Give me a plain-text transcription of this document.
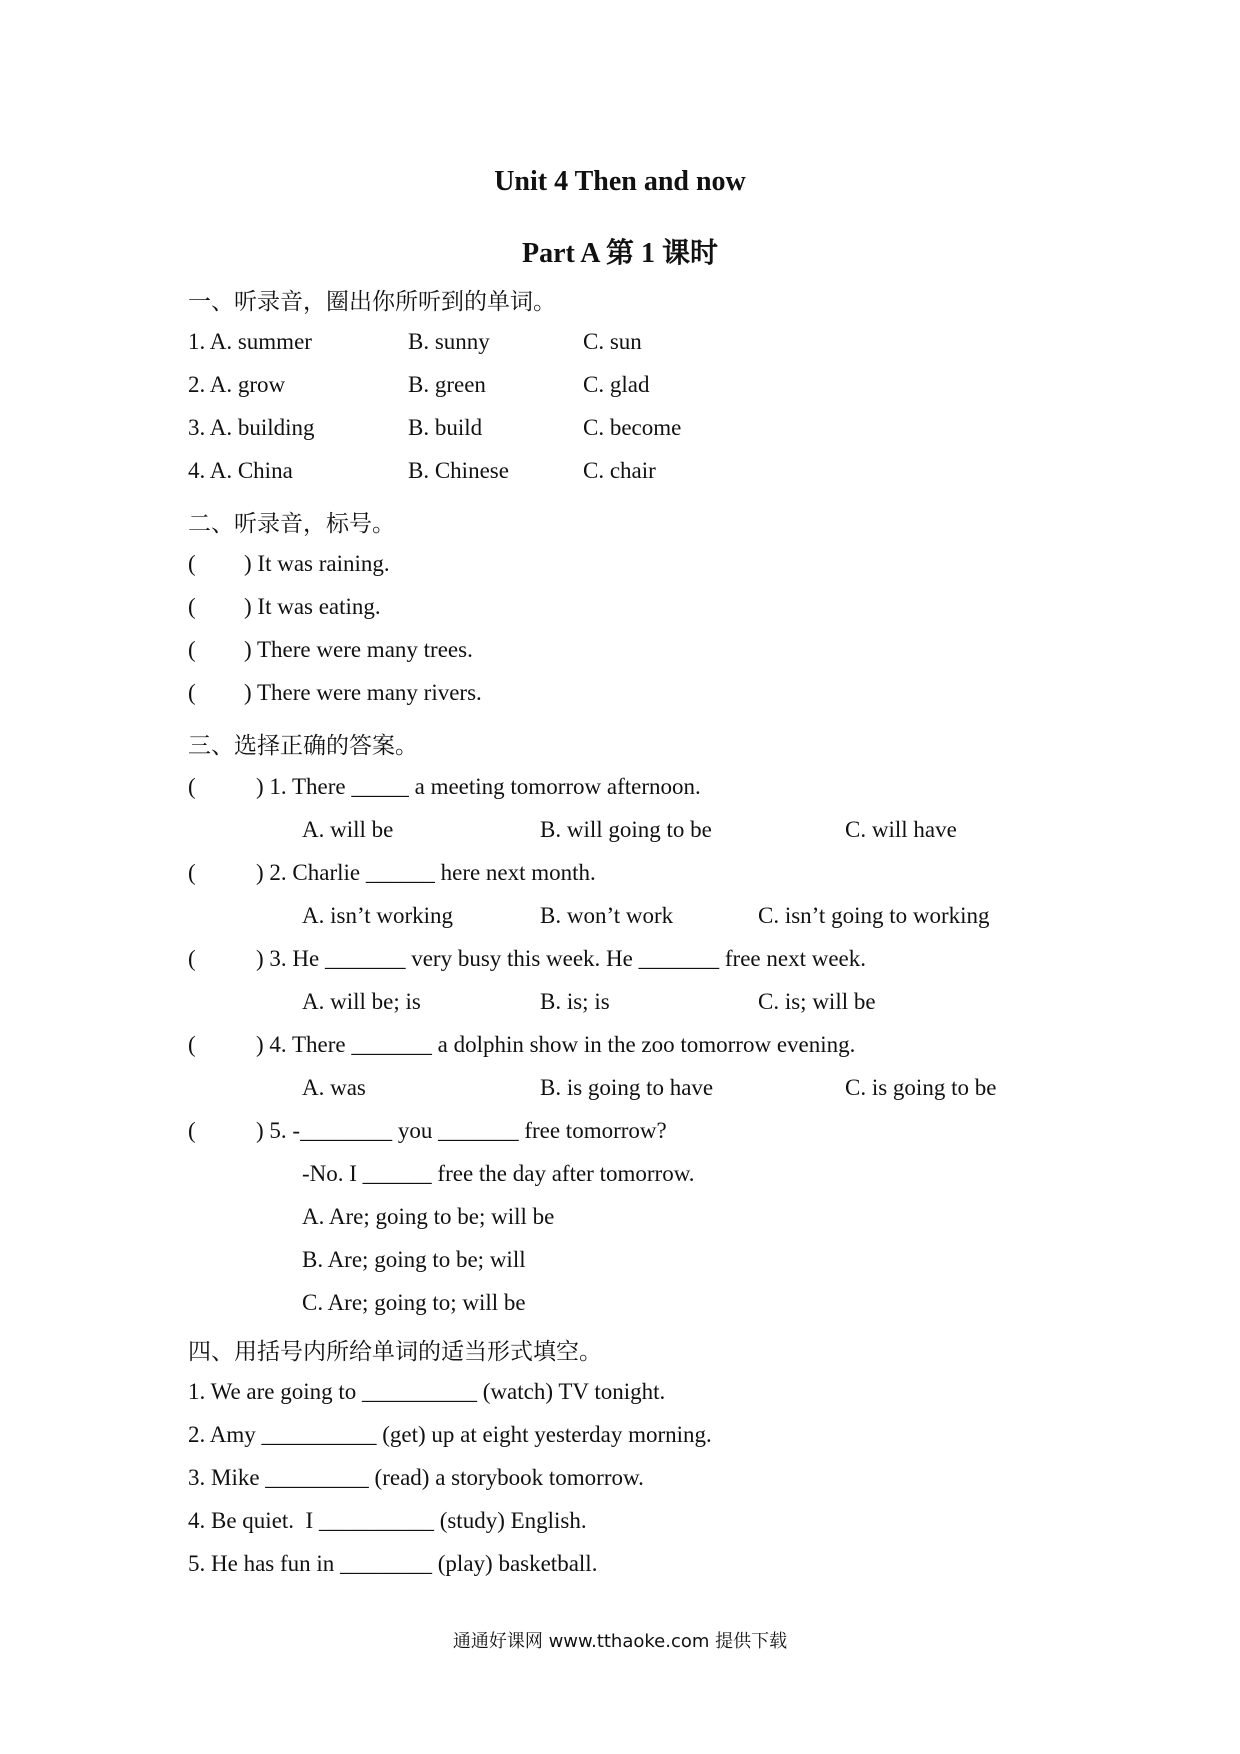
Unit 4 Then and now
Part A 第 1 课时
一、听录音，圈出你所听到的单词。
1. A. summer	B. sunny	C. sun
2. A. grow	B. green	C. glad
3. A. building	B. build	C. become
4. A. China	B. Chinese	C. chair
二、听录音，标号。
( ) It was raining.
( ) It was eating.
( ) There were many trees.
( ) There were many rivers.
三、选择正确的答案。
(	) 1. There _____ a meeting tomorrow afternoon.
A. will be	B. will going to be	C. will have
(	) 2. Charlie ______ here next month.
A. isn’t working	B. won’t work	C. isn’t going to working
(	) 3. He _______ very busy this week. He _______ free next week.
A. will be; is	B. is; is	C. is; will be
(	) 4. There _______ a dolphin show in the zoo tomorrow evening.
A. was	B. is going to have	C. is going to be
(	) 5. -________ you _______ free tomorrow?
-No. I ______ free the day after tomorrow.
A. Are; going to be; will be
B. Are; going to be; will
C. Are; going to; will be
四、用括号内所给单词的适当形式填空。
1. We are going to __________ (watch) TV tonight.
2. Amy __________ (get) up at eight yesterday morning.
3. Mike _________ (read) a storybook tomorrow.
4. Be quiet.  I __________ (study) English.
5. He has fun in ________ (play) basketball.
通通好课网 www.tthaoke.com 提供下载
